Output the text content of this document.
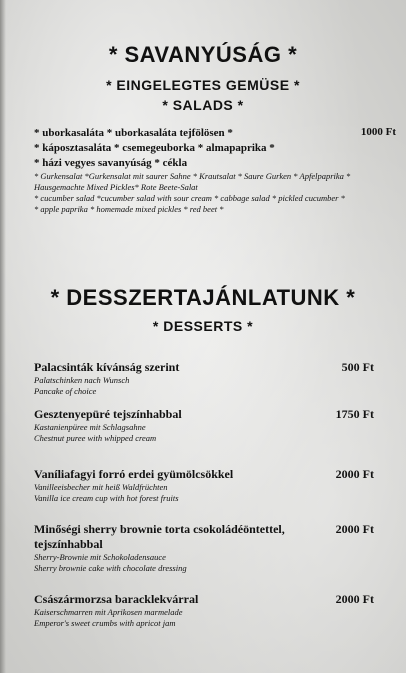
* SAVANYÚSÁG *
* EINGELEGTES GEMÜSE *
* SALADS *
* uborkasaláta * uborkasaláta tejfölösen *
* káposztasaláta * csemegeuborka * almapaprika *
* házi vegyes savanyúság * cékla
* Gurkensalat *Gurkensalat mit saurer Sahne * Krautsalat * Saure Gurken * Apfelpaprika *
Hausgemachte Mixed Pickles* Rote Beete-Salat
* cucumber salad *cucumber salad with sour cream * cabbage salad * pickled cucumber *
* apple paprika * homemade mixed pickles * red beet *
1000 Ft
* DESSZERTAJÁNLATUNK *
* DESSERTS *
Palacsinták kívánság szerint
Palatschinken nach Wunsch
Pancake of choice
500 Ft
Gesztenyepüré tejszínhabbal
Kastanienpüree mit Schlagsahne
Chestnut puree with whipped cream
1750 Ft
Vaníliafagyi forró erdei gyümölcsökkel
Vanilleeisbecher mit heiß Waldfrüchten
Vanilla ice cream cup with hot forest fruits
2000 Ft
Minőségi sherry brownie torta csokoládéöntettel, tejszínhabbal
Sherry-Brownie mit Schokoladensauce
Sherry brownie cake with chocolate dressing
2000 Ft
Császármorzsa baracklekvárral
Kaiserschmarren mit Aprikosen marmelade
Emperor's sweet crumbs with apricot jam
2000 Ft
